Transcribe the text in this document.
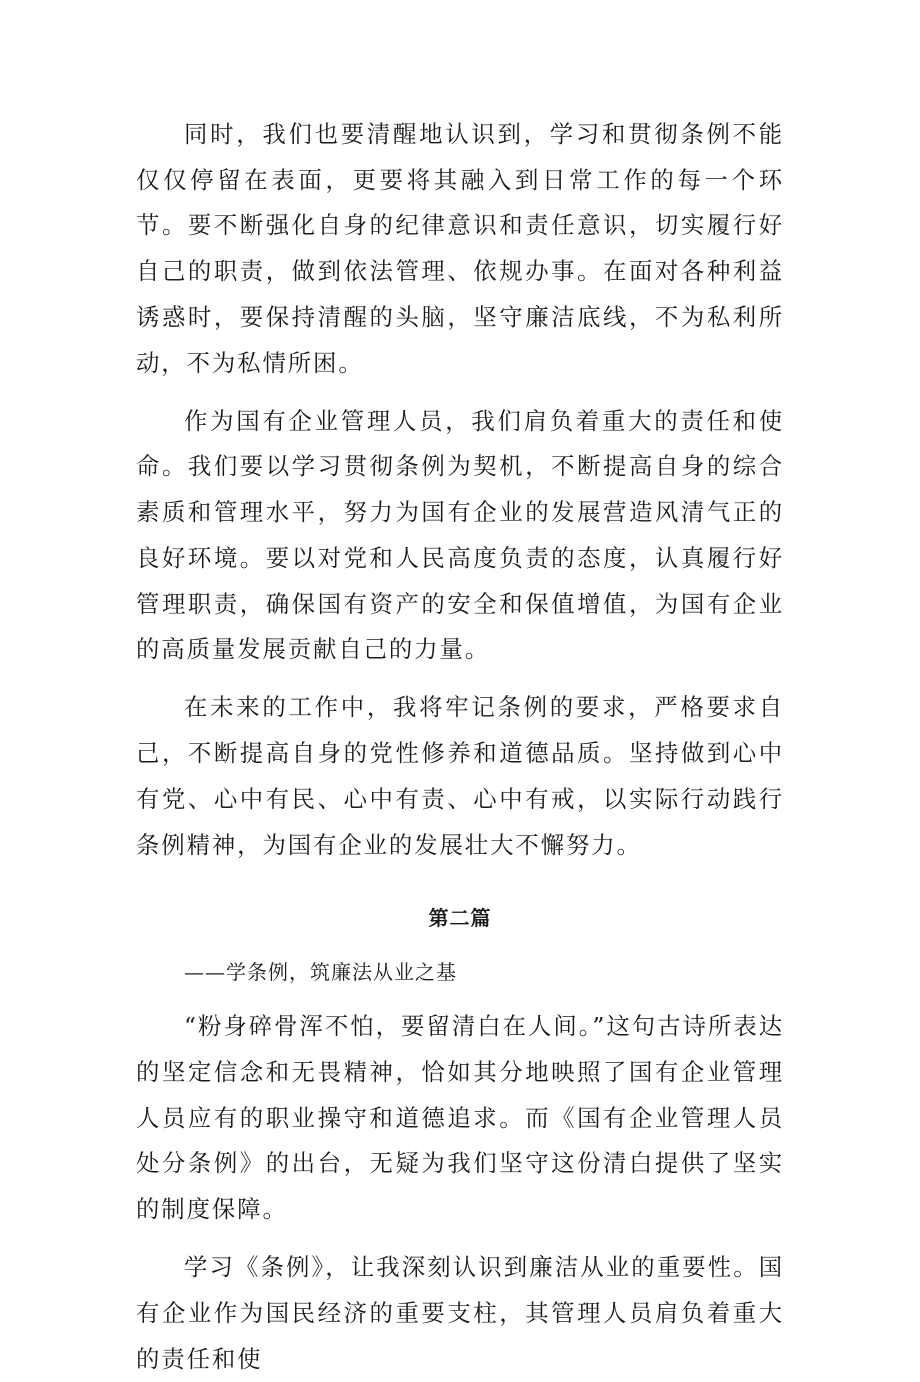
同时，我们也要清醒地认识到，学习和贯彻条例不能仅仅停留在表面，更要将其融入到日常工作的每一个环节。要不断强化自身的纪律意识和责任意识，切实履行好自己的职责，做到依法管理、依规办事。在面对各种利益诱惑时，要保持清醒的头脑，坚守廉洁底线，不为私利所动，不为私情所困。

作为国有企业管理人员，我们肩负着重大的责任和使命。我们要以学习贯彻条例为契机，不断提高自身的综合素质和管理水平，努力为国有企业的发展营造风清气正的良好环境。要以对党和人民高度负责的态度，认真履行好管理职责，确保国有资产的安全和保值增值，为国有企业的高质量发展贡献自己的力量。

在未来的工作中，我将牢记条例的要求，严格要求自己，不断提高自身的党性修养和道德品质。坚持做到心中有党、心中有民、心中有责、心中有戒，以实际行动践行条例精神，为国有企业的发展壮大不懈努力。

第二篇

——学条例，筑廉法从业之基

“粉身碎骨浑不怕，要留清白在人间。”这句古诗所表达的坚定信念和无畏精神，恰如其分地映照了国有企业管理人员应有的职业操守和道德追求。而《国有企业管理人员处分条例》的出台，无疑为我们坚守这份清白提供了坚实的制度保障。

学习《条例》，让我深刻认识到廉洁从业的重要性。国有企业作为国民经济的重要支柱，其管理人员肩负着重大的责任和使
